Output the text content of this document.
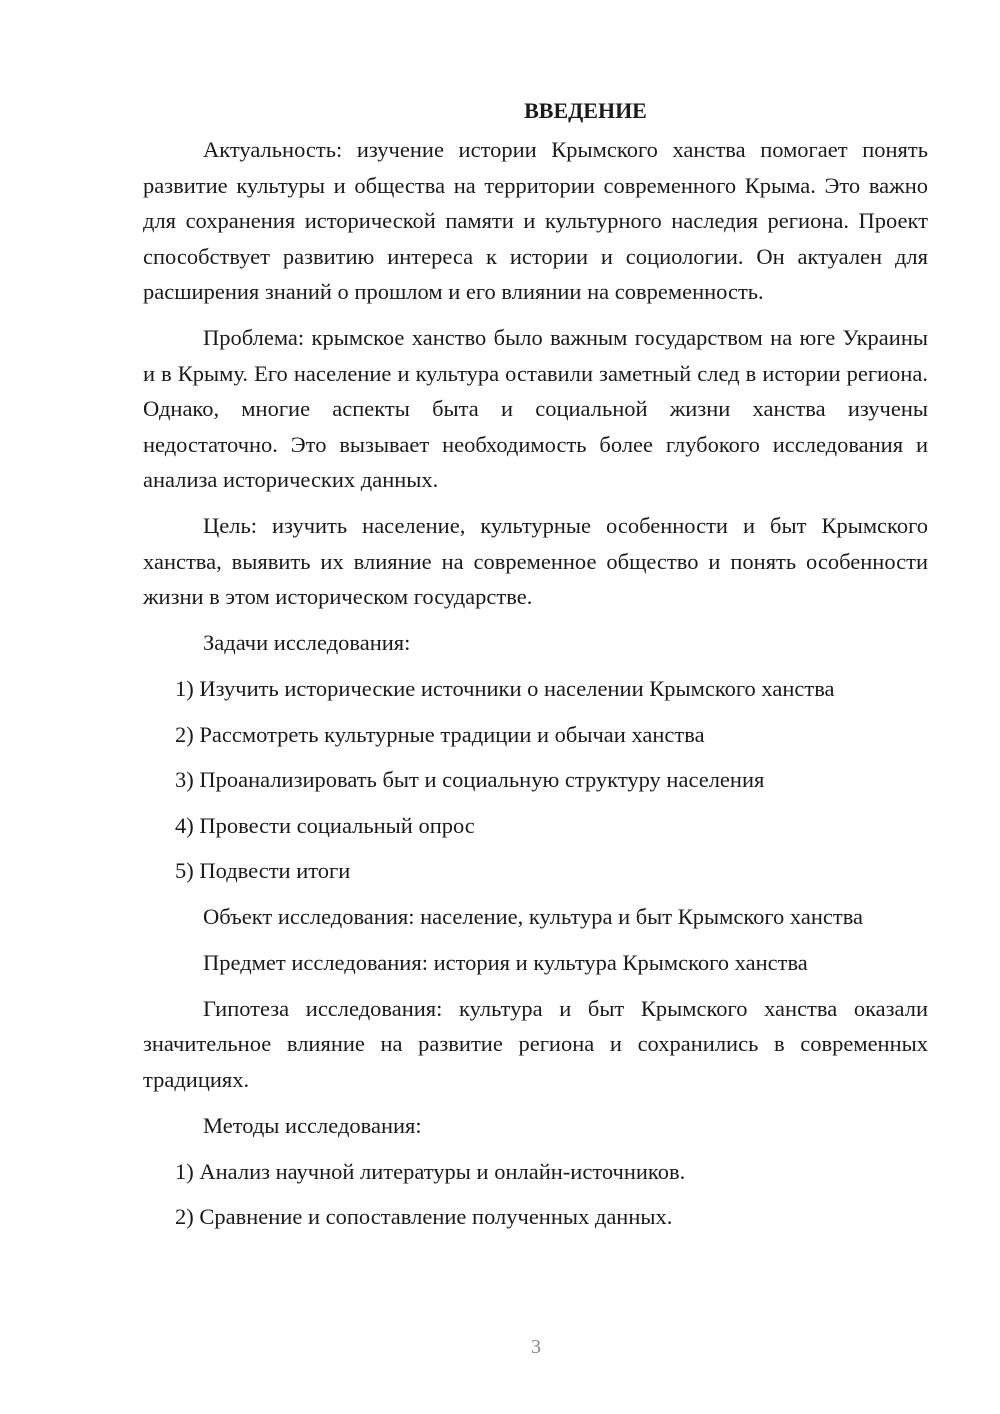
ВВЕДЕНИЕ

Актуальность: изучение истории Крымского ханства помогает понять развитие культуры и общества на территории современного Крыма. Это важно для сохранения исторической памяти и культурного наследия региона. Проект способствует развитию интереса к истории и социологии. Он актуален для расширения знаний о прошлом и его влиянии на современность.

Проблема: крымское ханство было важным государством на юге Украины и в Крыму. Его население и культура оставили заметный след в истории региона. Однако, многие аспекты быта и социальной жизни ханства изучены недостаточно. Это вызывает необходимость более глубокого исследования и анализа исторических данных.

Цель: изучить население, культурные особенности и быт Крымского ханства, выявить их влияние на современное общество и понять особенности жизни в этом историческом государстве.

Задачи исследования:

1) Изучить исторические источники о населении Крымского ханства

2) Рассмотреть культурные традиции и обычаи ханства

3) Проанализировать быт и социальную структуру населения

4) Провести социальный опрос

5) Подвести итоги

Объект исследования: население, культура и быт Крымского ханства

Предмет исследования: история и культура Крымского ханства

Гипотеза исследования: культура и быт Крымского ханства оказали значительное влияние на развитие региона и сохранились в современных традициях.

Методы исследования:

1) Анализ научной литературы и онлайн-источников.

2) Сравнение и сопоставление полученных данных.

3
